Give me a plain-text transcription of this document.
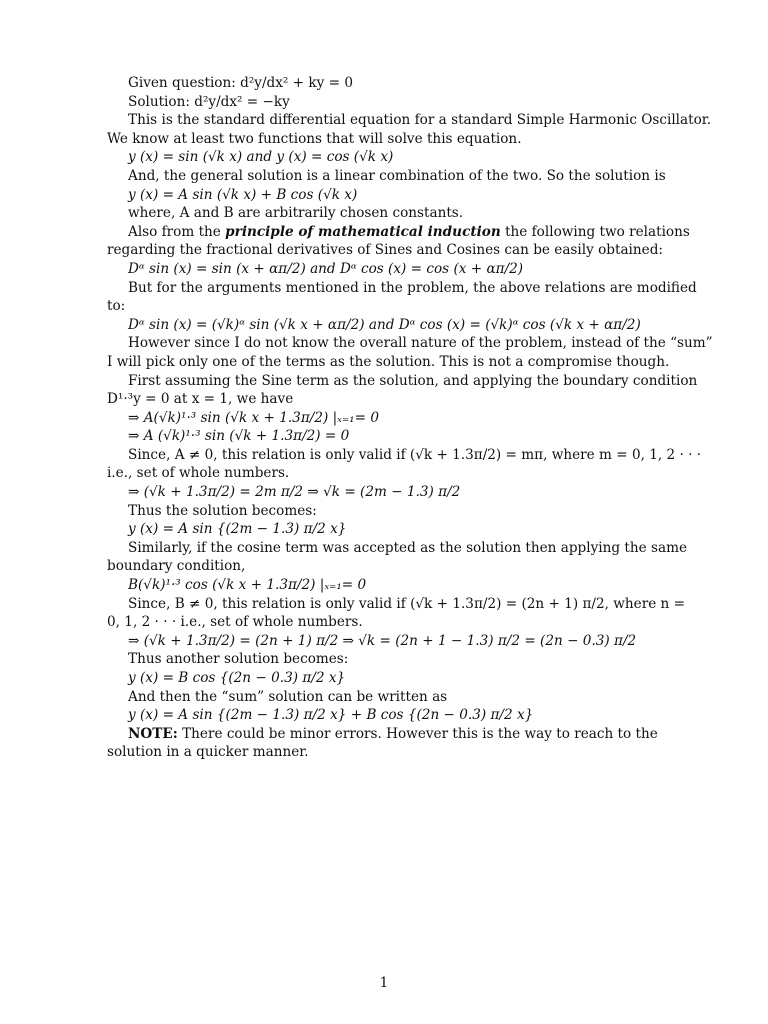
Given question: d²y/dx² + ky = 0
Solution: d²y/dx² = −ky
This is the standard differential equation for a standard Simple Harmonic Oscillator.
We know at least two functions that will solve this equation.
y (x) = sin (√k x) and y (x) = cos (√k x)
And, the general solution is a linear combination of the two. So the solution is
y (x) = A sin (√k x) + B cos (√k x)
where, A and B are arbitrarily chosen constants.
Also from the principle of mathematical induction the following two relations
regarding the fractional derivatives of Sines and Cosines can be easily obtained:
Dᵅ sin (x) = sin (x + απ/2) and Dᵅ cos (x) = cos (x + απ/2)
But for the arguments mentioned in the problem, the above relations are modified
to:
Dᵅ sin (x) = (√k)ᵅ sin (√k x + απ/2) and Dᵅ cos (x) = (√k)ᵅ cos (√k x + απ/2)
However since I do not know the overall nature of the problem, instead of the “sum”
I will pick only one of the terms as the solution. This is not a compromise though.
First assuming the Sine term as the solution, and applying the boundary condition
D¹·³y = 0 at x = 1, we have
⇒ A(√k)¹·³ sin (√k x + 1.3π/2) |ₓ₌₁= 0
⇒ A (√k)¹·³ sin (√k + 1.3π/2) = 0
Since, A ≠ 0, this relation is only valid if (√k + 1.3π/2) = mπ, where m = 0, 1, 2 · · ·
i.e., set of whole numbers.
⇒ (√k + 1.3π/2) = 2m π/2 ⇒ √k = (2m − 1.3) π/2
Thus the solution becomes:
y (x) = A sin {(2m − 1.3) π/2 x}
Similarly, if the cosine term was accepted as the solution then applying the same
boundary condition,
B(√k)¹·³ cos (√k x + 1.3π/2) |ₓ₌₁= 0
Since, B ≠ 0, this relation is only valid if (√k + 1.3π/2) = (2n + 1) π/2, where n =
0, 1, 2 · · · i.e., set of whole numbers.
⇒ (√k + 1.3π/2) = (2n + 1) π/2 ⇒ √k = (2n + 1 − 1.3) π/2 = (2n − 0.3) π/2
Thus another solution becomes:
y (x) = B cos {(2n − 0.3) π/2 x}
And then the “sum” solution can be written as
y (x) = A sin {(2m − 1.3) π/2 x} + B cos {(2n − 0.3) π/2 x}
NOTE: There could be minor errors. However this is the way to reach to the
solution in a quicker manner.
1
